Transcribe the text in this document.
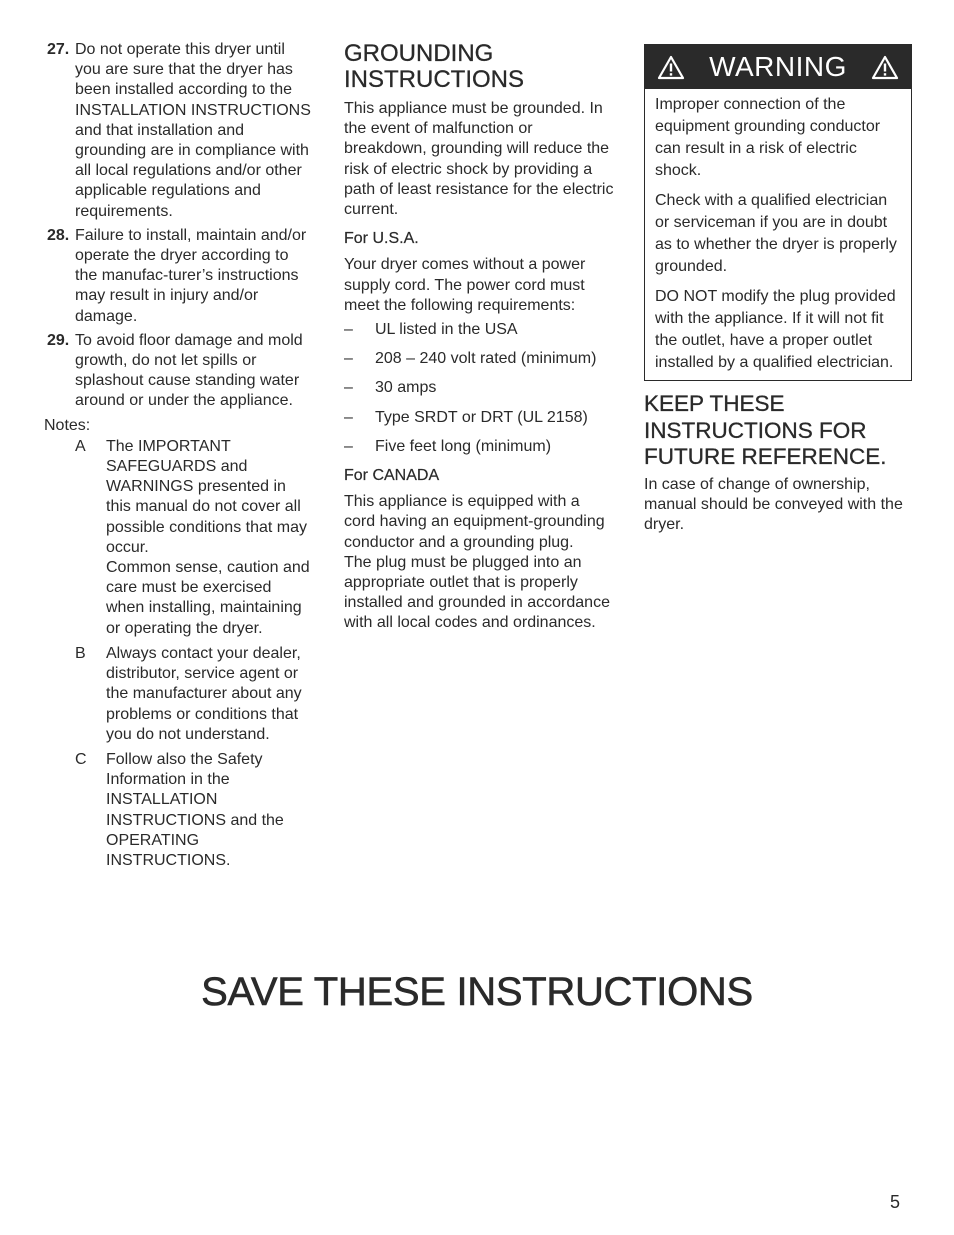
27. Do not operate this dryer until you are sure that the dryer has been installed according to the INSTALLATION INSTRUCTIONS and that installation and grounding are in compliance with all local regulations and/or other applicable regulations and requirements.
28. Failure to install, maintain and/or operate the dryer according to the manufac-turer’s instructions may result in injury and/or damage.
29. To avoid floor damage and mold growth, do not let spills or splashout cause standing water around or under the appliance.
Notes:
A The IMPORTANT SAFEGUARDS and WARNINGS presented in this manual do not cover all possible conditions that may occur.
Common sense, caution and care must be exercised when installing, maintaining or operating the dryer.
B Always contact your dealer, distributor, service agent or the manufacturer about any problems or conditions that you do not understand.
C Follow also the Safety Information in the INSTALLATION INSTRUCTIONS and the OPERATING INSTRUCTIONS.
GROUNDING
INSTRUCTIONS
This appliance must be grounded. In the event of malfunction or breakdown, grounding will reduce the risk of electric shock by providing a path of least resistance for the electric current.
For U.S.A.
Your dryer comes without a power supply cord. The power cord must meet the following requirements:
– UL listed in the USA
– 208 – 240 volt rated (minimum)
– 30 amps
– Type SRDT or DRT (UL 2158)
– Five feet long (minimum)
For CANADA
This appliance is equipped with a cord having an equipment-grounding conductor and a grounding plug.
The plug must be plugged into an appropriate outlet that is properly installed and grounded in accordance with all local codes and ordinances.
WARNING

Improper connection of the equipment grounding conductor can result in a risk of electric shock.

Check with a qualified electrician or serviceman if you are in doubt as to whether the dryer is properly grounded.

DO NOT modify the plug provided with the appliance. If it will not fit the outlet, have a proper outlet installed by a qualified electrician.

KEEP THESE
INSTRUCTIONS FOR
FUTURE REFERENCE.
In case of change of ownership, manual should be conveyed with the dryer.
SAVE THESE INSTRUCTIONS
5
